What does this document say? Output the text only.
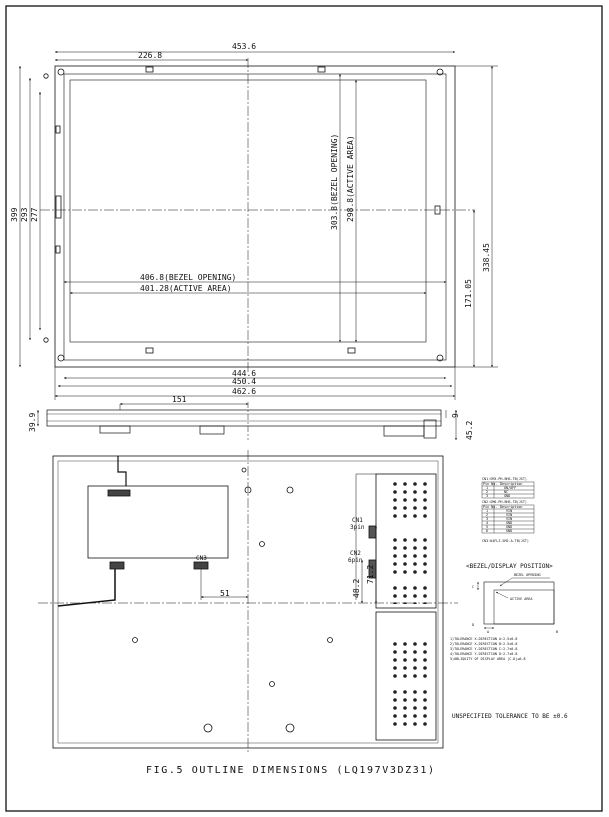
453.6
226.8
399 293 277	303.8(BEZEL OPENING) 298.8(ACTIVE AREA)
406.8(BEZEL OPENING)
401.28(ACTIVE AREA)
338.45
171.05
444.6
450.4
462.6
151
39.9	45.2
9
CN1
3pin
CN2
6pin
CN3
71.2
48.2
51
CN1:SM3-PH-BHS-TB(JST)
Pin No. Description
1	ON/OFF
2	NC
3	GND
CN2:SM6-PH-BHS-TB(JST)
Pin No. Description
1	VIN
2	VIN
3	VIN
4	GND
5	GND
6	GND
CN3:04FLZ-SM2-A-TB(JST)
<BEZEL/DISPLAY POSITION>
BEZEL OPENING
ACTIVE AREA
A	B
C
D
1)TOLERANCE X-DIRECTION A:2.5±0.8
2)TOLERANCE X-DIRECTION B:2.5±0.8
3)TOLERANCE Y-DIRECTION C:2.7±0.8
4)TOLERANCE Y-DIRECTION D:2.7±0.8
5)OBLIQUITY OF DISPLAY AREA |C-D|≤0.8
UNSPECIFIED TOLERANCE TO BE ±0.6
FIG.5 OUTLINE DIMENSIONS (LQ197V3DZ31)
